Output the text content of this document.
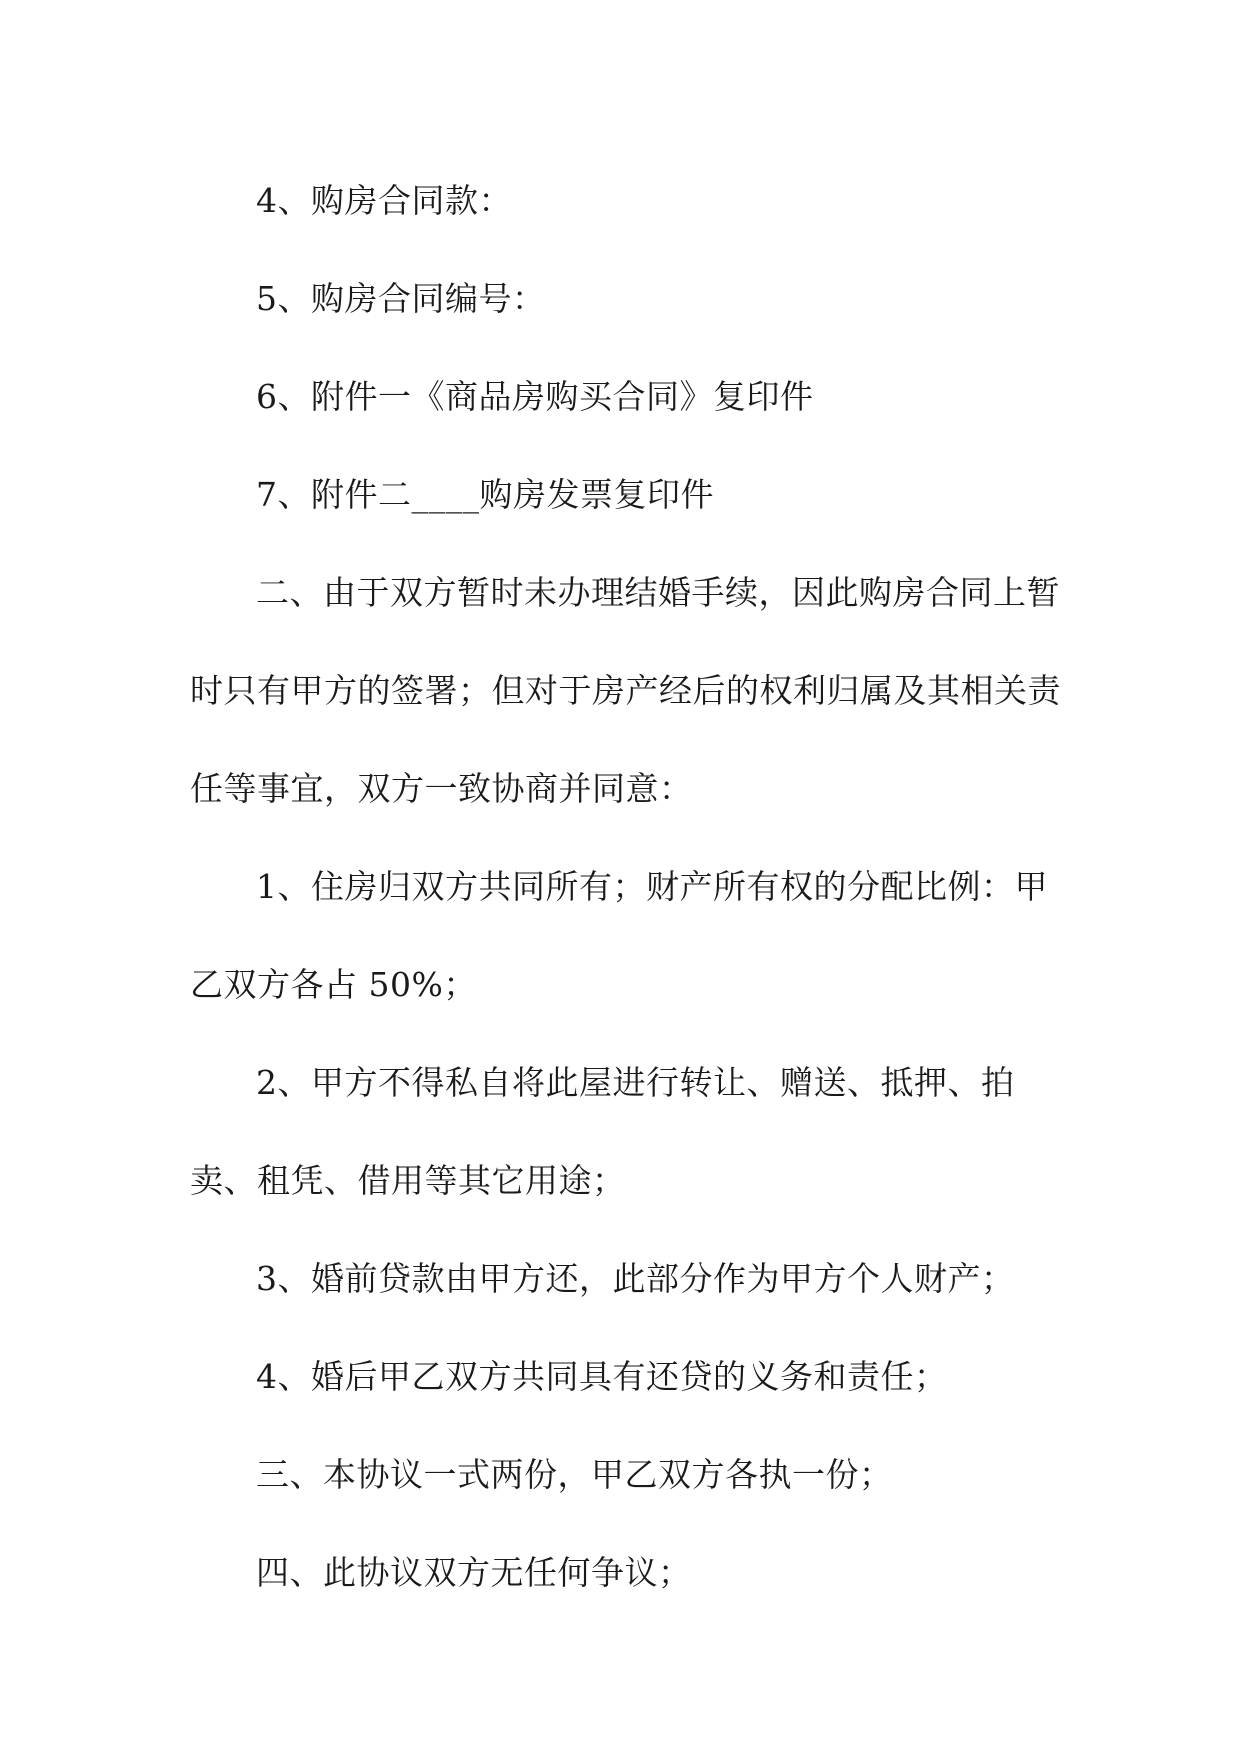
4、购房合同款：

5、购房合同编号：

6、附件一《商品房购买合同》复印件

7、附件二____购房发票复印件

二、由于双方暂时未办理结婚手续，因此购房合同上暂时只有甲方的签署；但对于房产经后的权利归属及其相关责任等事宜，双方一致协商并同意：

1、住房归双方共同所有；财产所有权的分配比例：甲乙双方各占 50%；

2、甲方不得私自将此屋进行转让、赠送、抵押、拍卖、租凭、借用等其它用途；

3、婚前贷款由甲方还，此部分作为甲方个人财产；

4、婚后甲乙双方共同具有还贷的义务和责任；

三、本协议一式两份，甲乙双方各执一份；

四、此协议双方无任何争议；
